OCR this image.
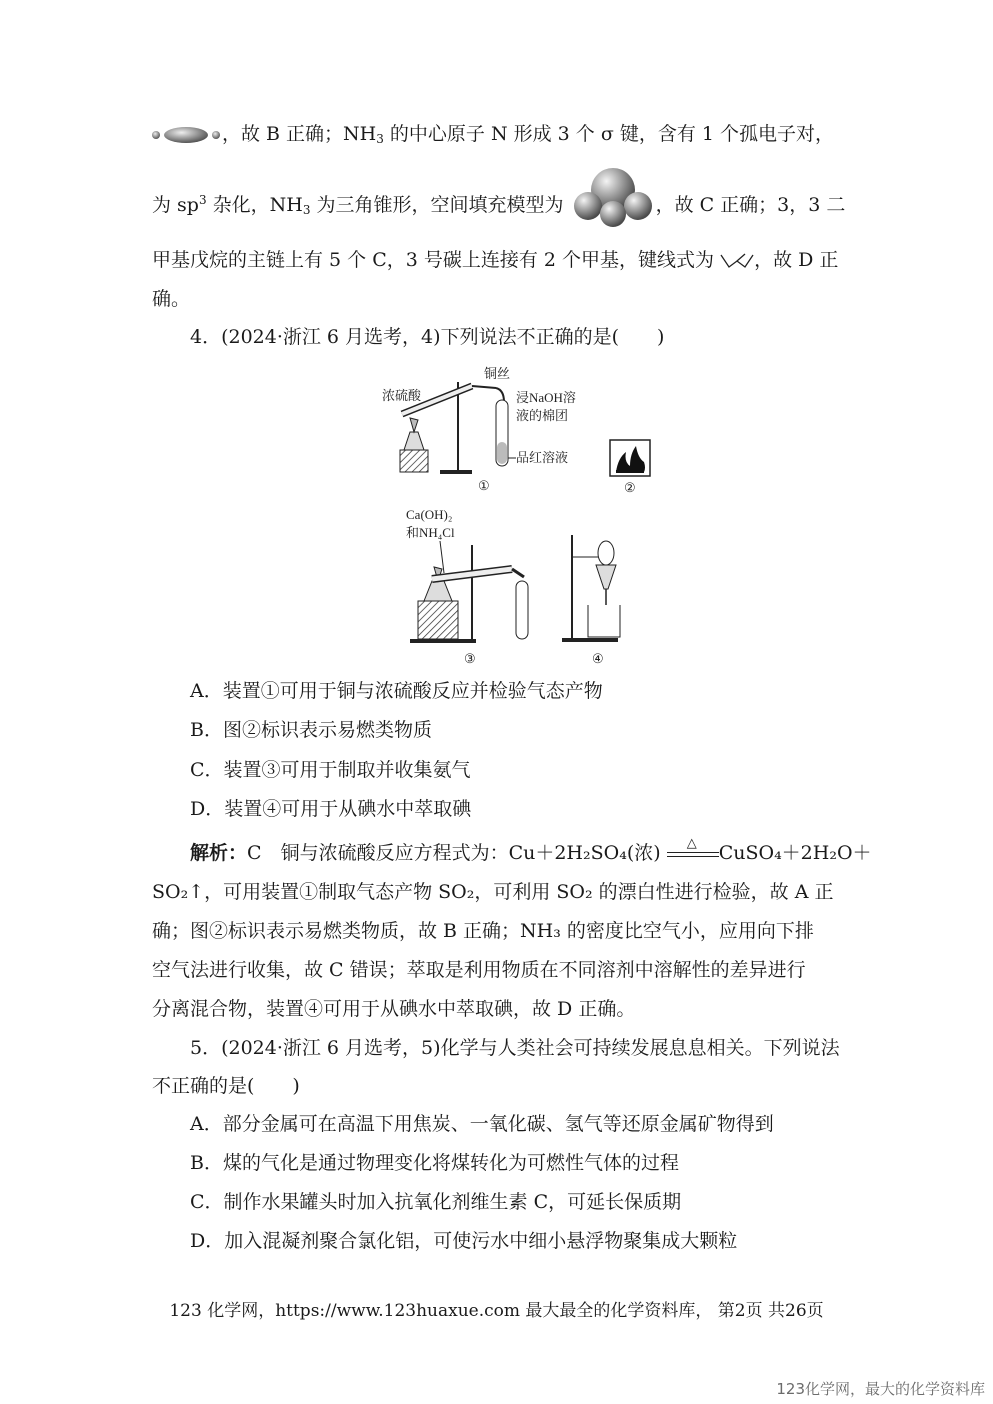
，故 B 正确；$NH_3$ 的中心原子 N 形成 3 个 σ 键，含有 1 个孤电子对，
为 $sp^3$ 杂化，$NH_3$ 为三角锥形，空间填充模型为	，故 C 正确；3，3 二
甲基戊烷的主链上有 5 个 C，3 号碳上连接有 2 个甲基，键线式为 ，故 D 正
确。
4．(2024·浙江 6 月选考，4)下列说法不正确的是(　　)
浓硫酸
铜丝
浸NaOH溶
液的棉团
品红溶液
①	②
Ca(OH)₂
和NH₄Cl
③	④
A．装置①可用于铜与浓硫酸反应并检验气态产物
B．图②标识表示易燃类物质
C．装置③可用于制取并收集氨气
D．装置④可用于从碘水中萃取碘
解析：C　铜与浓硫酸反应方程式为：Cu＋2H₂SO₄(浓) △ CuSO₄＋2H₂O＋
SO₂↑，可用装置①制取气态产物 SO₂，可利用 SO₂ 的漂白性进行检验，故 A 正
确；图②标识表示易燃类物质，故 B 正确；NH₃ 的密度比空气小，应用向下排
空气法进行收集，故 C 错误；萃取是利用物质在不同溶剂中溶解性的差异进行
分离混合物，装置④可用于从碘水中萃取碘，故 D 正确。
5．(2024·浙江 6 月选考，5)化学与人类社会可持续发展息息相关。下列说法
不正确的是(　　)
A．部分金属可在高温下用焦炭、一氧化碳、氢气等还原金属矿物得到
B．煤的气化是通过物理变化将煤转化为可燃性气体的过程
C．制作水果罐头时加入抗氧化剂维生素 C，可延长保质期
D．加入混凝剂聚合氯化铝，可使污水中细小悬浮物聚集成大颗粒
123 化学网，https://www.123huaxue.com 最大最全的化学资料库， 第2页 共26页
123化学网，最大的化学资料库
